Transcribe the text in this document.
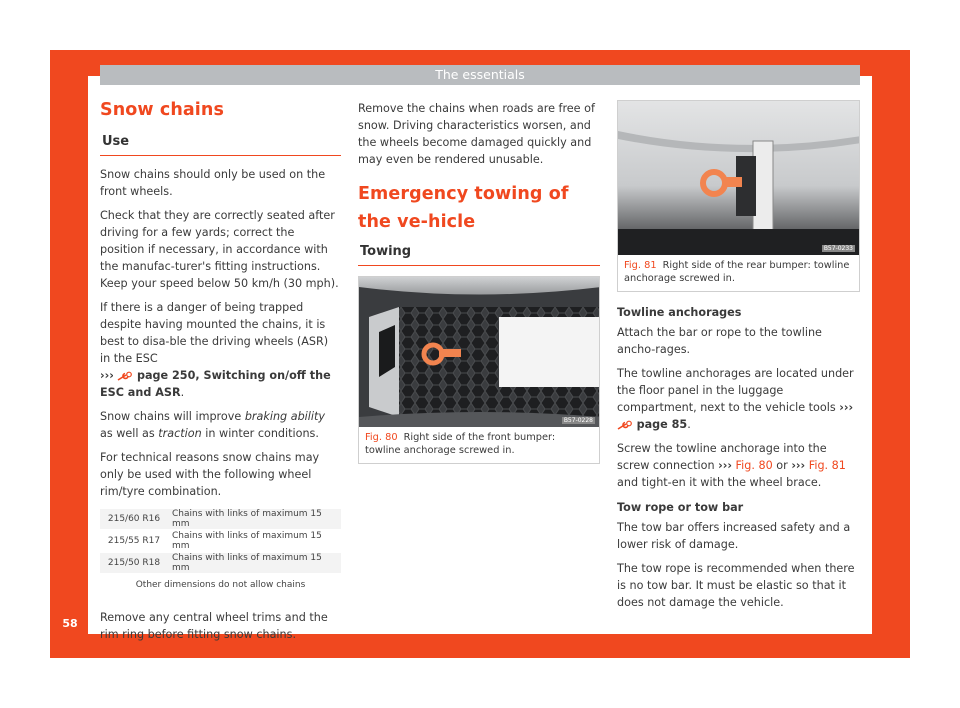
The essentials
58
Snow chains
Use

Snow chains should only be used on the front wheels.

Check that they are correctly seated after driving for a few yards; correct the position if necessary, in accordance with the manufac-turer's fitting instructions. Keep your speed below 50 km/h (30 mph).

If there is a danger of being trapped despite having mounted the chains, it is best to disa-ble the driving wheels (ASR) in the ESC
››› page 250, Switching on/off the ESC and ASR.

Snow chains will improve braking ability as well as traction in winter conditions.

For technical reasons snow chains may only be used with the following wheel rim/tyre combination.

215/60 R16	Chains with links of maximum 15 mm
215/55 R17	Chains with links of maximum 15 mm
215/50 R18	Chains with links of maximum 15 mm
Other dimensions do not allow chains	

Remove any central wheel trims and the rim ring before fitting snow chains.

Remove the chains when roads are free of snow. Driving characteristics worsen, and the wheels become damaged quickly and may even be rendered unusable.

Emergency towing of the ve-hicle
Towing
B57-0228
Fig. 80 Right side of the front bumper: towline anchorage screwed in.
B57-0233
Fig. 81 Right side of the rear bumper: towline anchorage screwed in.
Towline anchorages

Attach the bar or rope to the towline ancho-rages.

The towline anchorages are located under the floor panel in the luggage compartment, next to the vehicle tools ›››  page 85.

Screw the towline anchorage into the screw connection ››› Fig. 80 or ››› Fig. 81 and tight-en it with the wheel brace.

Tow rope or tow bar

The tow bar offers increased safety and a lower risk of damage.

The tow rope is recommended when there is no tow bar. It must be elastic so that it does not damage the vehicle.
